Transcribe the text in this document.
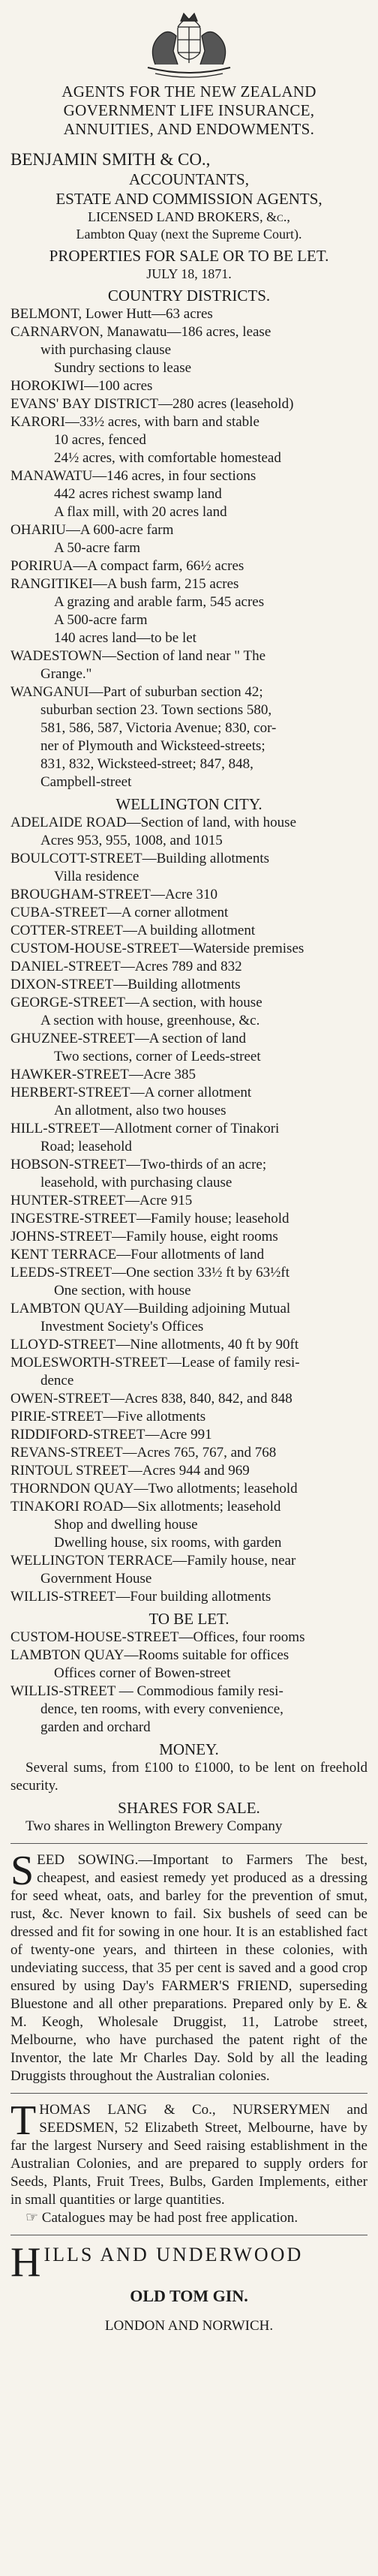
AGENTS FOR THE NEW ZEALAND
GOVERNMENT LIFE INSURANCE,
ANNUITIES, AND ENDOWMENTS.
BENJAMIN SMITH & CO.,
ACCOUNTANTS,
ESTATE AND COMMISSION AGENTS,
LICENSED LAND BROKERS, &c.,
Lambton Quay (next the Supreme Court).
PROPERTIES FOR SALE OR TO BE LET.
JULY 18, 1871.
COUNTRY DISTRICTS.
BELMONT, Lower Hutt—63 acres
CARNARVON, Manawatu—186 acres, lease
with purchasing clause
Sundry sections to lease
HOROKIWI—100 acres
EVANS' BAY DISTRICT—280 acres (leasehold)
KARORI—33½ acres, with barn and stable
10 acres, fenced
24½ acres, with comfortable homestead
MANAWATU—146 acres, in four sections
442 acres richest swamp land
A flax mill, with 20 acres land
OHARIU—A 600-acre farm
A 50-acre farm
PORIRUA—A compact farm, 66½ acres
RANGITIKEI—A bush farm, 215 acres
A grazing and arable farm, 545 acres
A 500-acre farm
140 acres land—to be let
WADESTOWN—Section of land near " The
Grange."
WANGANUI—Part of suburban section 42;
suburban section 23. Town sections 580,
581, 586, 587, Victoria Avenue; 830, cor-
ner of Plymouth and Wicksteed-streets;
831, 832, Wicksteed-street; 847, 848,
Campbell-street
WELLINGTON CITY.
ADELAIDE ROAD—Section of land, with house
Acres 953, 955, 1008, and 1015
BOULCOTT-STREET—Building allotments
Villa residence
BROUGHAM-STREET—Acre 310
CUBA-STREET—A corner allotment
COTTER-STREET—A building allotment
CUSTOM-HOUSE-STREET—Waterside premises
DANIEL-STREET—Acres 789 and 832
DIXON-STREET—Building allotments
GEORGE-STREET—A section, with house
A section with house, greenhouse, &c.
GHUZNEE-STREET—A section of land
Two sections, corner of Leeds-street
HAWKER-STREET—Acre 385
HERBERT-STREET—A corner allotment
An allotment, also two houses
HILL-STREET—Allotment corner of Tinakori
Road; leasehold
HOBSON-STREET—Two-thirds of an acre;
leasehold, with purchasing clause
HUNTER-STREET—Acre 915
INGESTRE-STREET—Family house; leasehold
JOHNS-STREET—Family house, eight rooms
KENT TERRACE—Four allotments of land
LEEDS-STREET—One section 33½ ft by 63½ft
One section, with house
LAMBTON QUAY—Building adjoining Mutual
Investment Society's Offices
LLOYD-STREET—Nine allotments, 40 ft by 90ft
MOLESWORTH-STREET—Lease of family resi-
dence
OWEN-STREET—Acres 838, 840, 842, and 848
PIRIE-STREET—Five allotments
RIDDIFORD-STREET—Acre 991
REVANS-STREET—Acres 765, 767, and 768
RINTOUL STREET—Acres 944 and 969
THORNDON QUAY—Two allotments; leasehold
TINAKORI ROAD—Six allotments; leasehold
Shop and dwelling house
Dwelling house, six rooms, with garden
WELLINGTON TERRACE—Family house, near
Government House
WILLIS-STREET—Four building allotments
TO BE LET.
CUSTOM-HOUSE-STREET—Offices, four rooms
LAMBTON QUAY—Rooms suitable for offices
Offices corner of Bowen-street
WILLIS-STREET — Commodious family resi-
dence, ten rooms, with every convenience,
garden and orchard
MONEY.
Several sums, from £100 to £1000, to be lent on freehold security.
SHARES FOR SALE.
Two shares in Wellington Brewery Company
S EED SOWING.—Important to Farmers The best, cheapest, and easiest remedy yet produced as a dressing for seed wheat, oats, and barley for the prevention of smut, rust, &c. Never known to fail. Six bushels of seed can be dressed and fit for sowing in one hour. It is an established fact of twenty-one years, and thirteen in these colonies, with undeviating success, that 35 per cent is saved and a good crop ensured by using Day's FARMER'S FRIEND, superseding Bluestone and all other preparations. Prepared only by E. & M. Keogh, Wholesale Druggist, 11, Latrobe street, Melbourne, who have purchased the patent right of the Inventor, the late Mr Charles Day. Sold by all the leading Druggists throughout the Australian colonies.
T HOMAS LANG & Co., NURSERYMEN and SEEDSMEN, 52 Elizabeth Street, Melbourne, have by far the largest Nursery and Seed raising establishment in the Australian Colonies, and are prepared to supply orders for Seeds, Plants, Fruit Trees, Bulbs, Garden Implements, either in small quantities or large quantities.
☞ Catalogues may be had post free application.
H ILLS AND UNDERWOOD
OLD TOM GIN.
LONDON AND NORWICH.
